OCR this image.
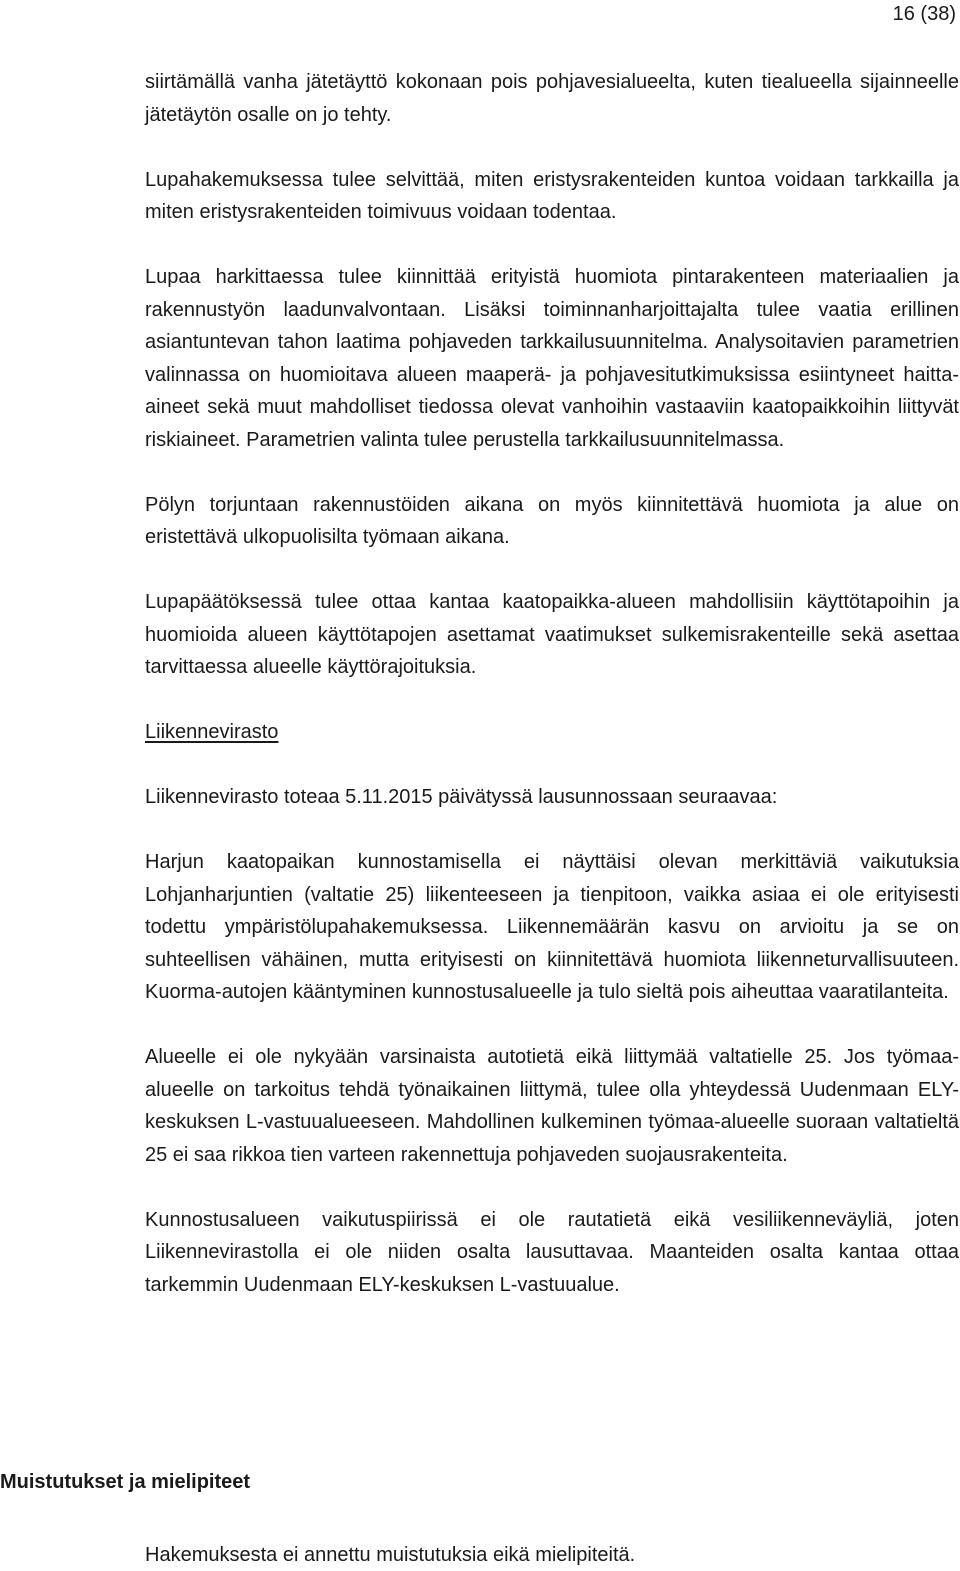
16 (38)

siirtämällä vanha jätetäyttö kokonaan pois pohjavesialueelta, kuten tiealueella sijainneelle jätetäytön osalle on jo tehty.

Lupahakemuksessa tulee selvittää, miten eristysrakenteiden kuntoa voidaan tarkkailla ja miten eristysrakenteiden toimivuus voidaan todentaa.

Lupaa harkittaessa tulee kiinnittää erityistä huomiota pintarakenteen materiaalien ja rakennustyön laadunvalvontaan. Lisäksi toiminnanharjoittajalta tulee vaatia erillinen asiantuntevan tahon laatima pohjaveden tarkkailusuunnitelma. Analysoitavien parametrien valinnassa on huomioitava alueen maaperä- ja pohjavesitutkimuksissa esiintyneet haitta-aineet sekä muut mahdolliset tiedossa olevat vanhoihin vastaaviin kaatopaikkoihin liittyvät riskiaineet. Parametrien valinta tulee perustella tarkkailusuunnitelmassa.

Pölyn torjuntaan rakennustöiden aikana on myös kiinnitettävä huomiota ja alue on eristettävä ulkopuolisilta työmaan aikana.

Lupapäätöksessä tulee ottaa kantaa kaatopaikka-alueen mahdollisiin käyttötapoihin ja huomioida alueen käyttötapojen asettamat vaatimukset sulkemisrakenteille sekä asettaa tarvittaessa alueelle käyttörajoituksia.

Liikennevirasto

Liikennevirasto toteaa 5.11.2015 päivätyssä lausunnossaan seuraavaa:

Harjun kaatopaikan kunnostamisella ei näyttäisi olevan merkittäviä vaikutuksia Lohjanharjuntien (valtatie 25) liikenteeseen ja tienpitoon, vaikka asiaa ei ole erityisesti todettu ympäristölupahakemuksessa. Liikennemäärän kasvu on arvioitu ja se on suhteellisen vähäinen, mutta erityisesti on kiinnitettävä huomiota liikenneturvallisuuteen. Kuorma-autojen kääntyminen kunnostusalueelle ja tulo sieltä pois aiheuttaa vaaratilanteita.

Alueelle ei ole nykyään varsinaista autotietä eikä liittymää valtatielle 25. Jos työmaa-alueelle on tarkoitus tehdä työnaikainen liittymä, tulee olla yhteydessä Uudenmaan ELY-keskuksen L-vastuualueeseen. Mahdollinen kulkeminen työmaa-alueelle suoraan valtatieltä 25 ei saa rikkoa tien varteen rakennettuja pohjaveden suojausrakenteita.

Kunnostusalueen vaikutuspiirissä ei ole rautatietä eikä vesiliikenneväyliä, joten Liikennevirastolla ei ole niiden osalta lausuttavaa. Maanteiden osalta kantaa ottaa tarkemmin Uudenmaan ELY-keskuksen L-vastuualue.

Muistutukset ja mielipiteet
Hakemuksesta ei annettu muistutuksia eikä mielipiteitä.
